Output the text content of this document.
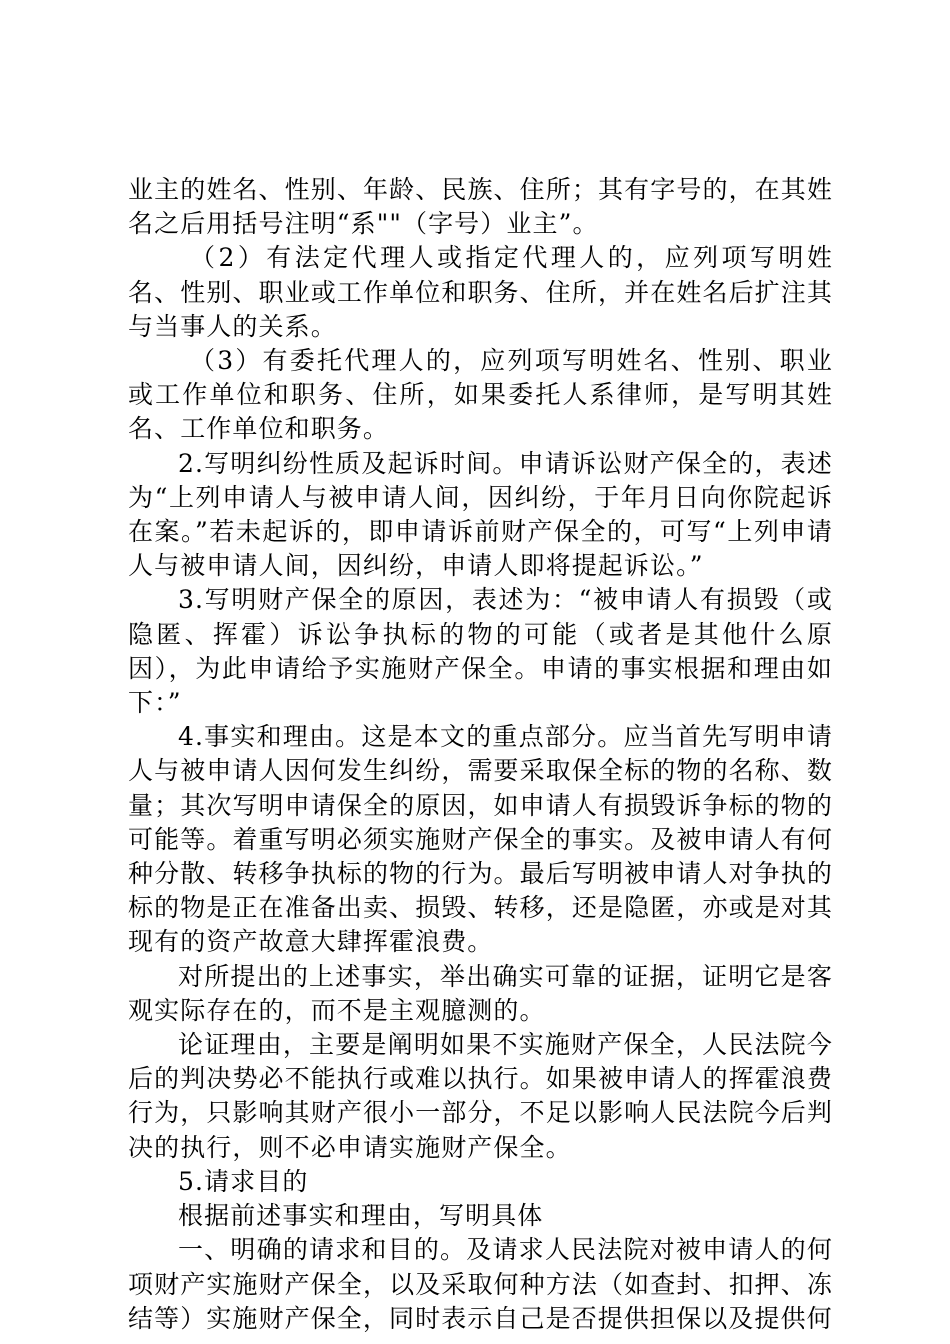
业主的姓名、性别、年龄、民族、住所；其有字号的，在其姓名之后用括号注明“系""（字号）业主”。

（2）有法定代理人或指定代理人的，应列项写明姓名、性别、职业或工作单位和职务、住所，并在姓名后扩注其与当事人的关系。

（3）有委托代理人的，应列项写明姓名、性别、职业或工作单位和职务、住所，如果委托人系律师，是写明其姓名、工作单位和职务。

2.写明纠纷性质及起诉时间。申请诉讼财产保全的，表述为“上列申请人与被申请人间，因纠纷，于年月日向你院起诉在案。”若未起诉的，即申请诉前财产保全的，可写“上列申请人与被申请人间，因纠纷，申请人即将提起诉讼。”

3.写明财产保全的原因，表述为：“被申请人有损毁（或隐匿、挥霍）诉讼争执标的物的可能（或者是其他什么原因），为此申请给予实施财产保全。申请的事实根据和理由如下：”

4.事实和理由。这是本文的重点部分。应当首先写明申请人与被申请人因何发生纠纷，需要采取保全标的物的名称、数量；其次写明申请保全的原因，如申请人有损毁诉争标的物的可能等。着重写明必须实施财产保全的事实。及被申请人有何种分散、转移争执标的物的行为。最后写明被申请人对争执的标的物是正在准备出卖、损毁、转移，还是隐匿，亦或是对其现有的资产故意大肆挥霍浪费。

对所提出的上述事实，举出确实可靠的证据，证明它是客观实际存在的，而不是主观臆测的。

论证理由，主要是阐明如果不实施财产保全，人民法院今后的判决势必不能执行或难以执行。如果被申请人的挥霍浪费行为，只影响其财产很小一部分，不足以影响人民法院今后判决的执行，则不必申请实施财产保全。

5.请求目的

根据前述事实和理由，写明具体

一、明确的请求和目的。及请求人民法院对被申请人的何项财产实施财产保全，以及采取何种方法（如查封、扣押、冻结等）实施财产保全，同时表示自己是否提供担保以及提供何
